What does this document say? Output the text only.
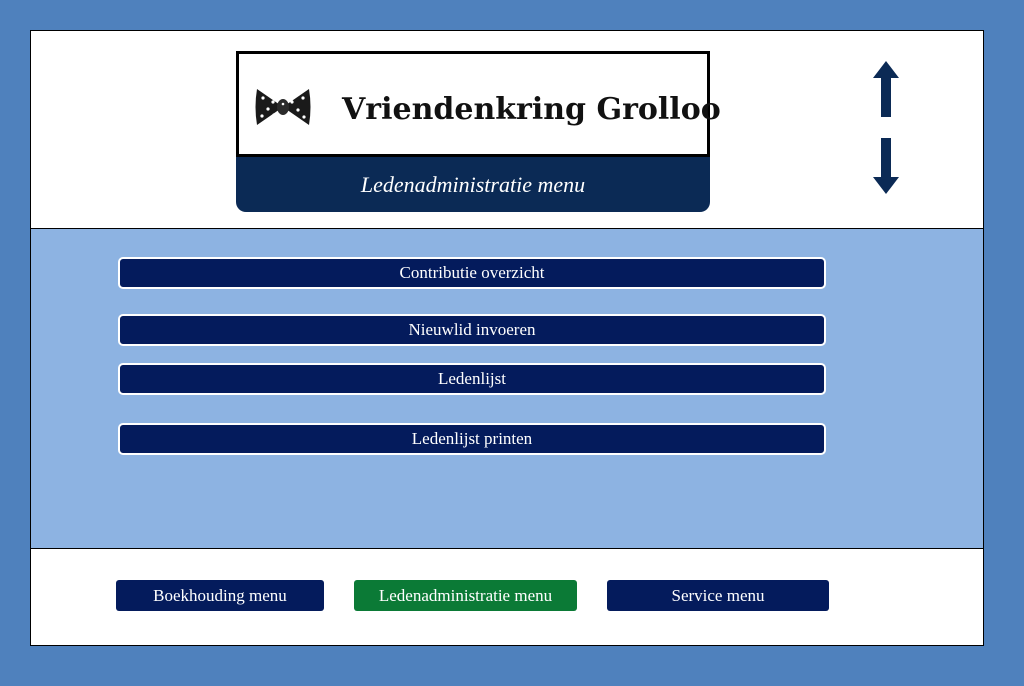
Vriendenkring Grolloo
Ledenadministratie menu
Contributie overzicht
Nieuwlid invoeren
Ledenlijst
Ledenlijst printen
Boekhouding menu	Ledenadministratie menu	Service menu
